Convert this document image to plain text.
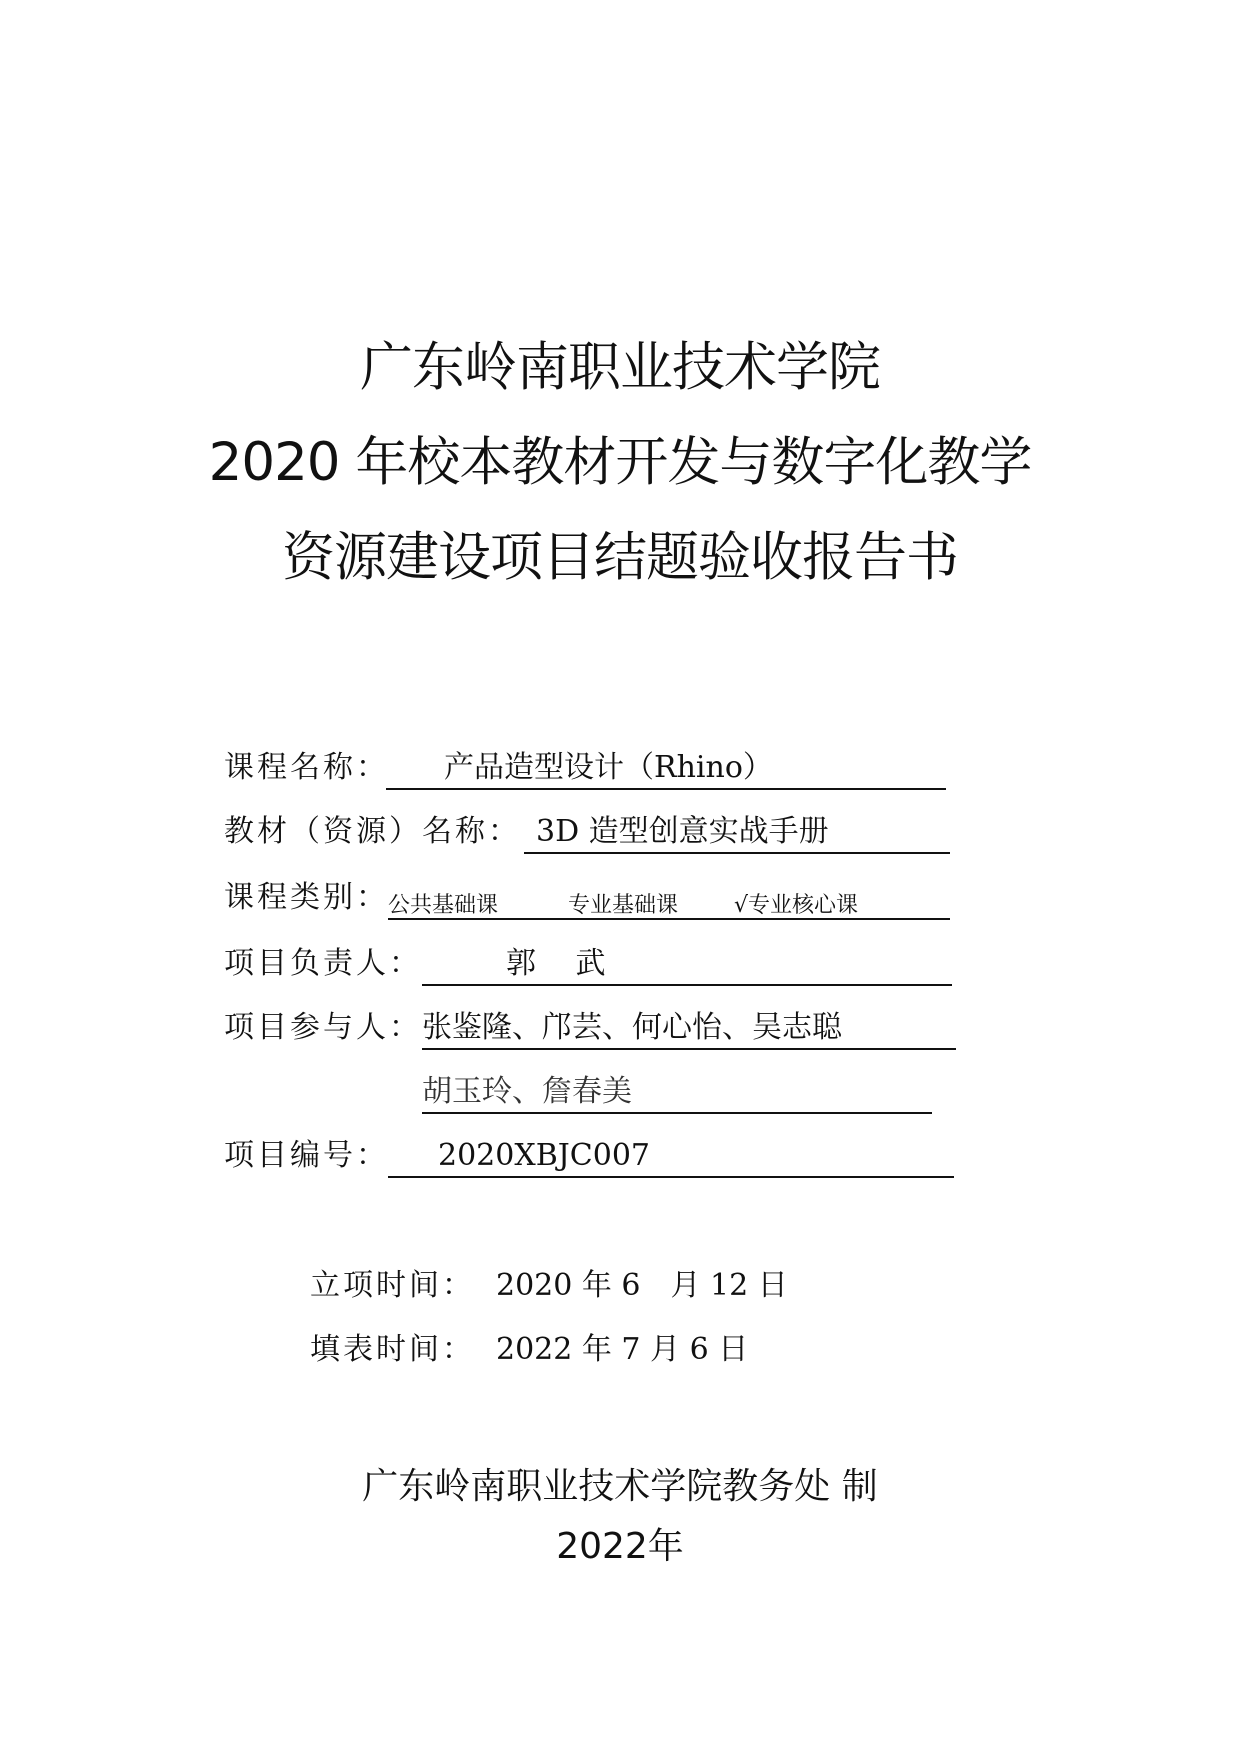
广东岭南职业技术学院
2020 年校本教材开发与数字化教学
资源建设项目结题验收报告书
课程名称： 产品造型设计（Rhino）
教材（资源）名称： 3D 造型创意实战手册
课程类别： 公共基础课	专业基础课	√专业核心课
项目负责人：	郭　 武
项目参与人： 张鉴隆、邝芸、何心怡、吴志聪
胡玉玲、詹春美
项目编号： 2020XBJC007
立项时间： 2020 年 6　月 12 日
填表时间： 2022 年 7 月 6 日
广东岭南职业技术学院教务处 制
2022年
